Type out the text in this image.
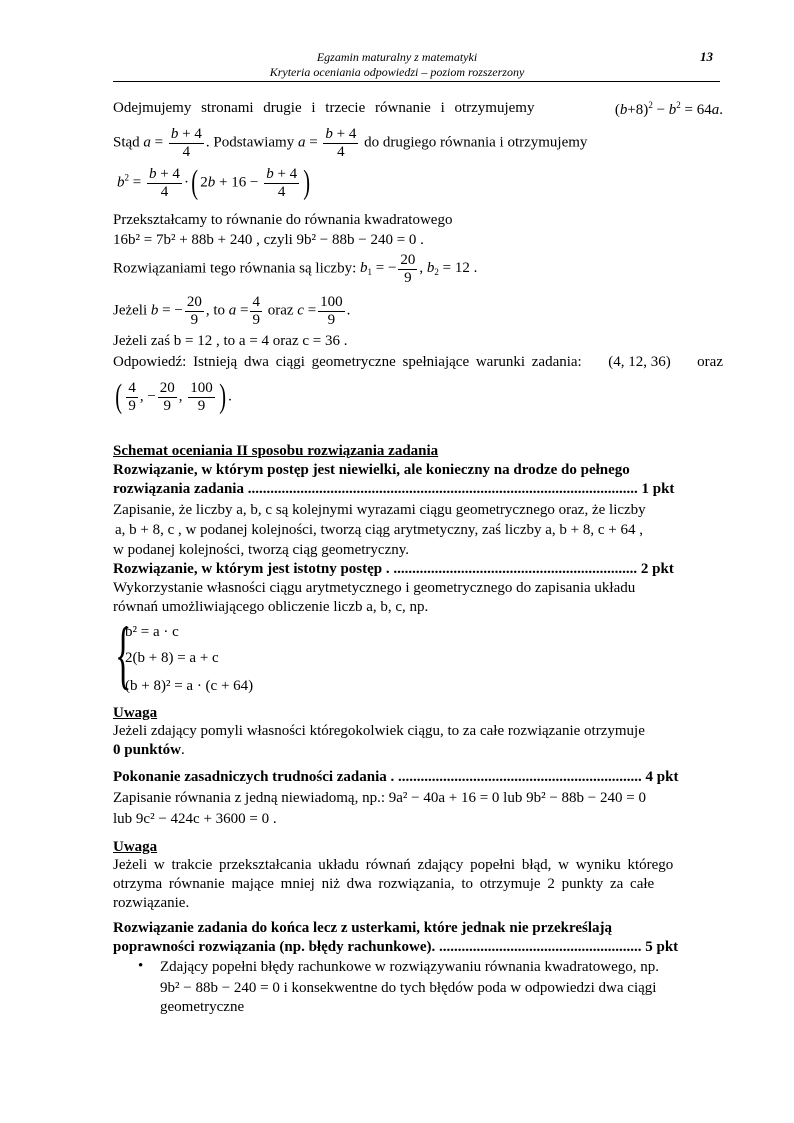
Egzamin maturalny z matematyki
Kryteria oceniania odpowiedzi – poziom rozszerzony
13
Odejmujemy stronami drugie i trzecie równanie i otrzymujemy	$(b+8)^2 - b^2 = 64a$.
Stąd $a = \frac{b + 4}{4}$ . Podstawiamy $a = \frac{b + 4}{4}$ do drugiego równania i otrzymujemy
$b^2 = \frac{b + 4}{4}$ ·( $2b + 16 - \frac{b + 4}{4}$ )
Przekształcamy to równanie do równania kwadratowego
16b² = 7b² + 88b + 240 , czyli 9b² − 88b − 240 = 0 .
Rozwiązaniami tego równania są liczby: $b_1$ = − $\frac{20}{9}$ , $b_2 = 12$ .
Jeżeli b = − $\frac{20}{9}$ , to $a = \frac{4}{9}$ oraz $c = \frac{100}{9}$ .
Jeżeli zaś b = 12 , to a = 4 oraz c = 36 .
Odpowiedź: Istnieją dwa ciągi geometryczne spełniające warunki zadania: (4, 12, 36) oraz
( $\frac{4}{9}$ , − $\frac{20}{9}$ , $\frac{100}{9}$ ) .
Schemat oceniania II sposobu rozwiązania zadania
Rozwiązanie, w którym postęp jest niewielki, ale konieczny na drodze do pełnego
rozwiązania zadania ........................................................................................................ 1 pkt
Zapisanie, że liczby a, b, c są kolejnymi wyrazami ciągu geometrycznego oraz, że liczby
a, b + 8, c , w podanej kolejności, tworzą ciąg arytmetyczny, zaś liczby a, b + 8, c + 64 ,
w podanej kolejności, tworzą ciąg geometryczny.
Rozwiązanie, w którym jest istotny postęp . ................................................................. 2 pkt
Wykorzystanie własności ciągu arytmetycznego i geometrycznego do zapisania układu
równań umożliwiającego obliczenie liczb a, b, c, np.
{
b² = a · c
2(b + 8) = a + c
(b + 8)² = a · (c + 64)
Uwaga
Jeżeli zdający pomyli własności któregokolwiek ciągu, to za całe rozwiązanie otrzymuje
0 punktów.
Pokonanie zasadniczych trudności zadania . ................................................................. 4 pkt
Zapisanie równania z jedną niewiadomą, np.: 9a² − 40a + 16 = 0 lub 9b² − 88b − 240 = 0
lub 9c² − 424c + 3600 = 0 .
Uwaga
Jeżeli w trakcie przekształcania układu równań zdający popełni błąd, w wyniku którego
otrzyma równanie mające mniej niż dwa rozwiązania, to otrzymuje 2 punkty za całe
rozwiązanie.
Rozwiązanie zadania do końca lecz z usterkami, które jednak nie przekreślają
poprawności rozwiązania (np. błędy rachunkowe). ...................................................... 5 pkt
• Zdający popełni błędy rachunkowe w rozwiązywaniu równania kwadratowego, np.
9b² − 88b − 240 = 0 i konsekwentne do tych błędów poda w odpowiedzi dwa ciągi
geometryczne
